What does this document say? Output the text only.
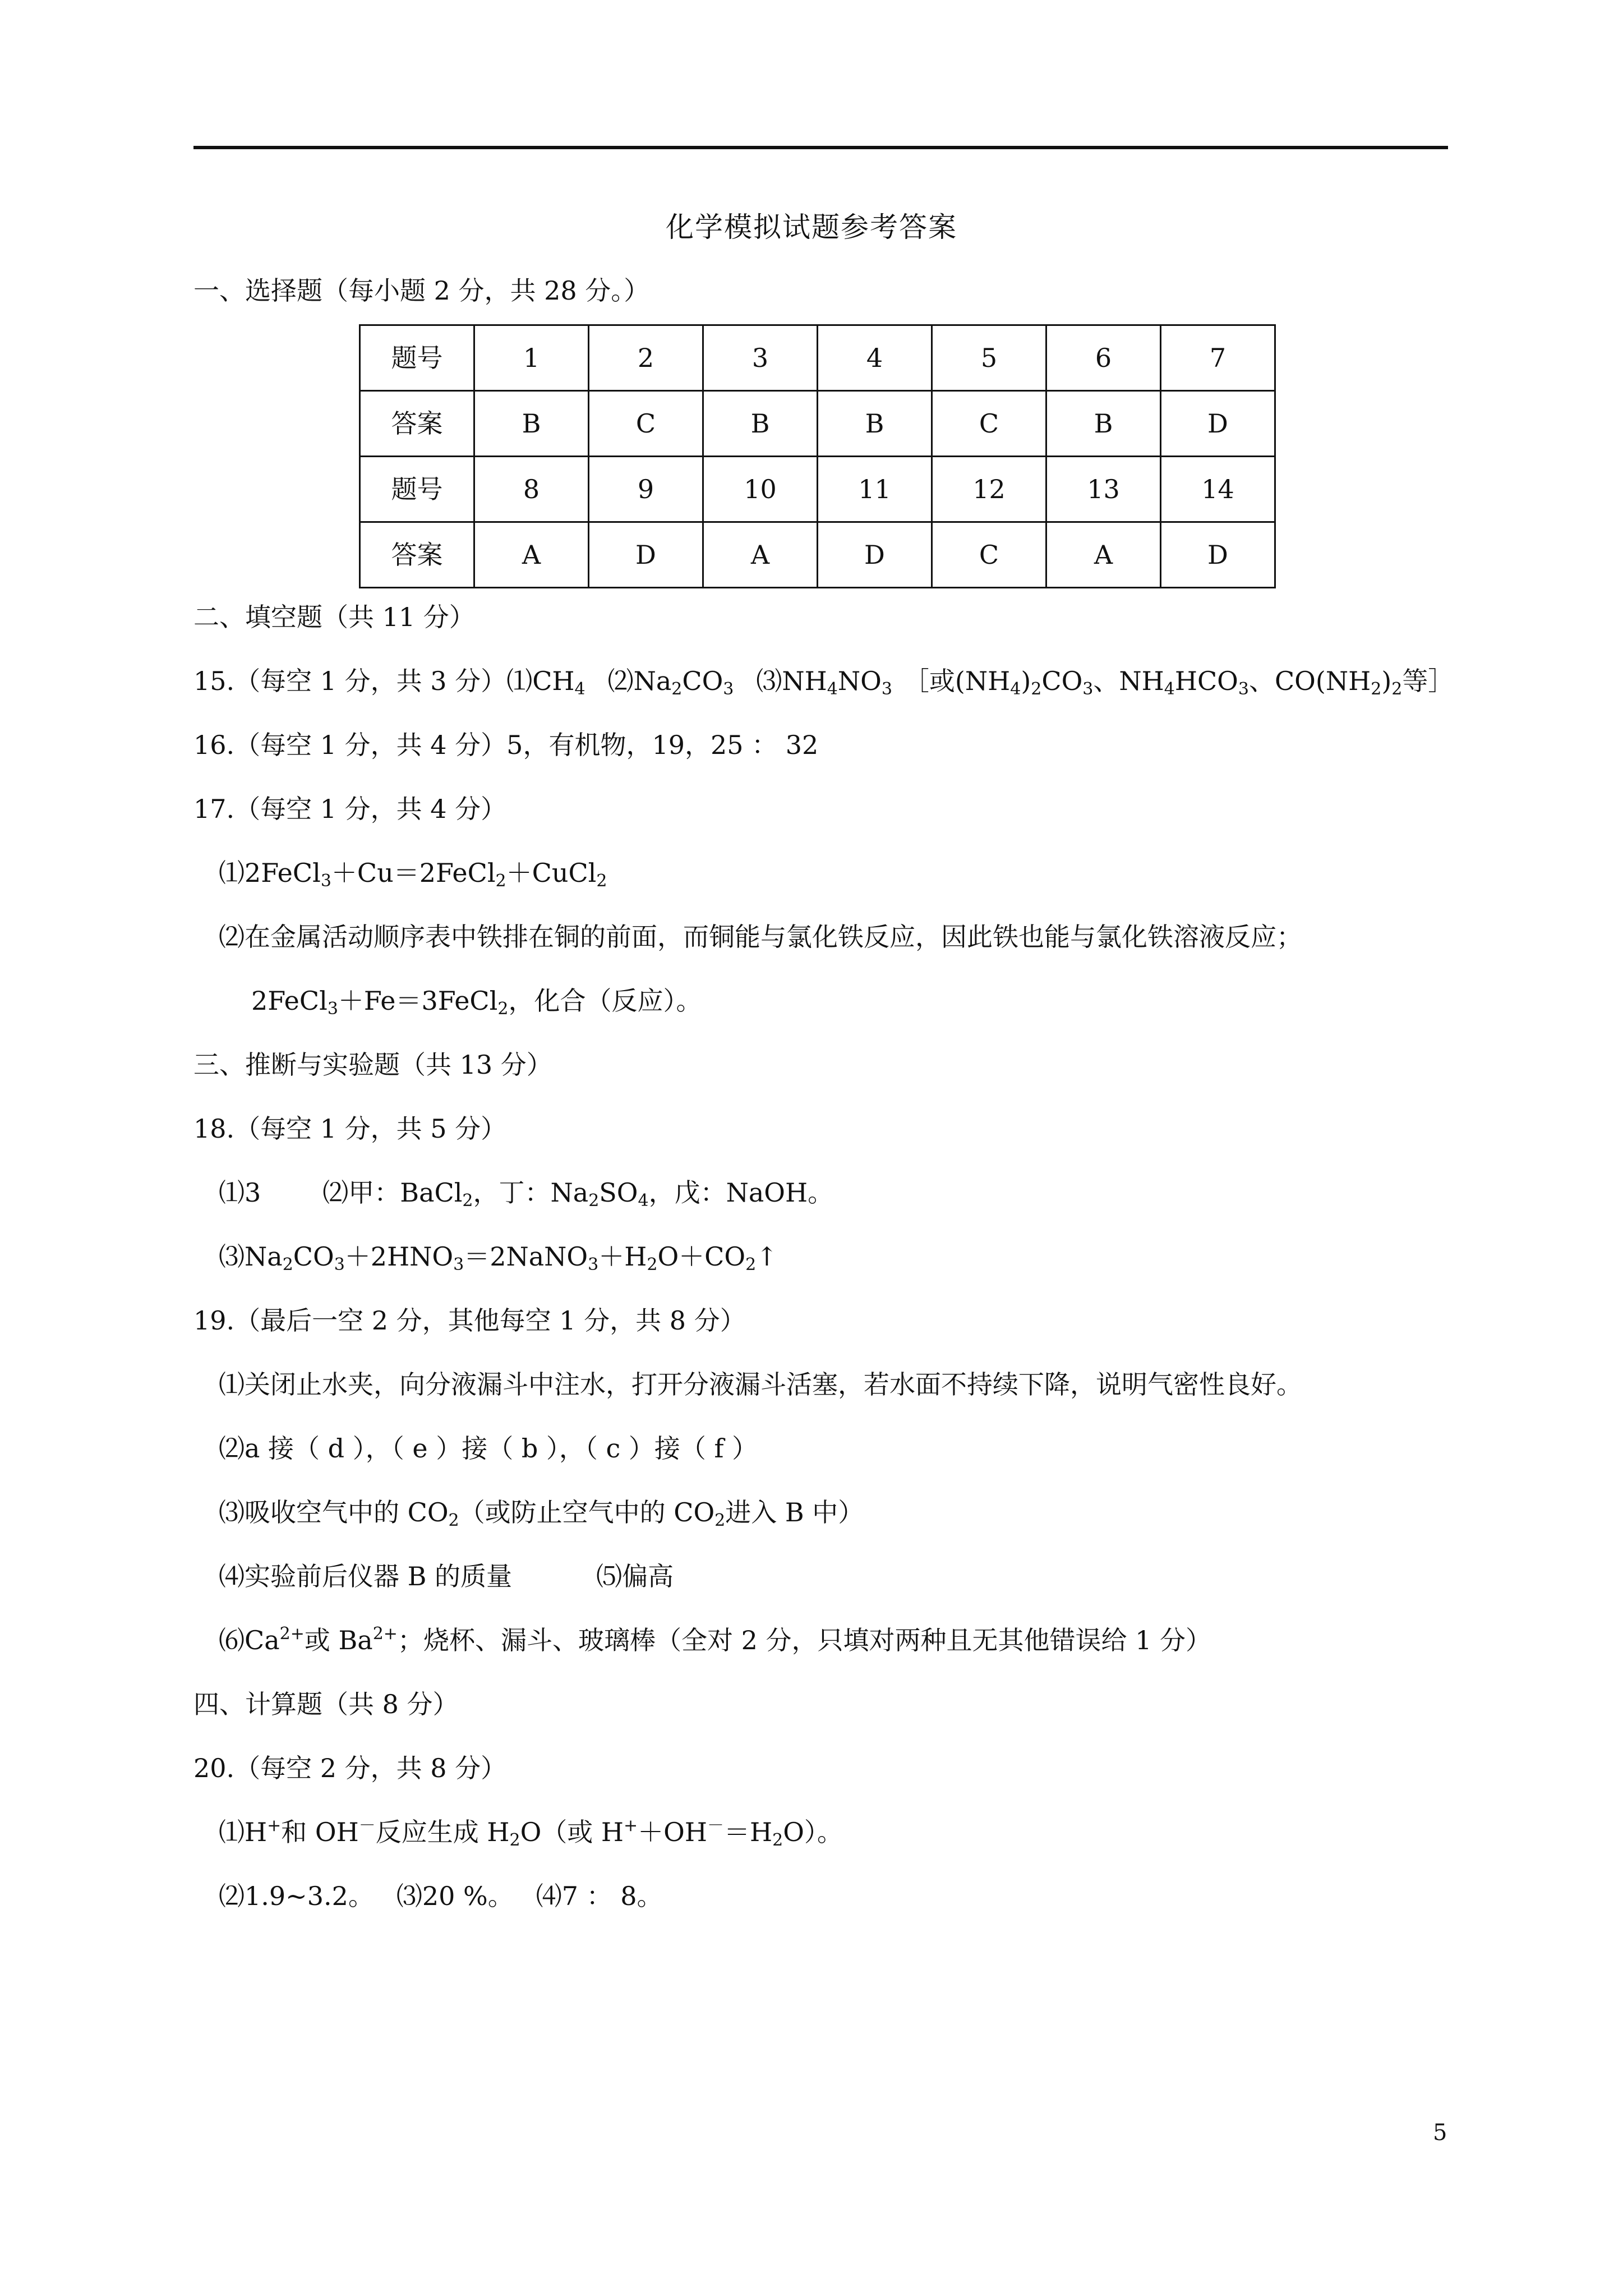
化学模拟试题参考答案
一、选择题（每小题 2 分，共 28 分。）
题号	1	2	3	4	5	6	7
答案	B	C	B	B	C	B	D
题号	8	9	10	11	12	13	14
答案	A	D	A	D	C	A	D
二、填空题（共 11 分）
15.（每空 1 分，共 3 分）$⑴CH_4$ $⑵Na_2CO_3$ $⑶NH_4NO_3$ ［或$(NH_4)_2CO_3$、$NH_4HCO_3$、$CO(NH_2)_2$等］
16.（每空 1 分，共 4 分）5，有机物，19，25 ： 32
17.（每空 1 分，共 4 分）
⑴2FeCl$_3$＋Cu＝2FeCl$_2$＋CuCl$_2$
⑵在金属活动顺序表中铁排在铜的前面，而铜能与氯化铁反应，因此铁也能与氯化铁溶液反应；
2FeCl$_3$＋Fe＝3FeCl$_2$，化合（反应）。
三、推断与实验题（共 13 分）
18.（每空 1 分，共 5 分）
⑴3 ⑵甲：BaCl$_2$，丁：$Na_2SO_4$，戊：NaOH。
$⑶Na_2CO_3+2HNO_3=2NaNO_3+H_2O+CO_2↑$
19.（最后一空 2 分，其他每空 1 分，共 8 分）
⑴关闭止水夹，向分液漏斗中注水，打开分液漏斗活塞，若水面不持续下降，说明气密性良好。
⑵a 接（ d ），（ e ）接（ b ），（ c ）接（ f ）
⑶吸收空气中的 $CO_2$（或防止空气中的 $CO_2$进入 B 中）
⑷实验前后仪器 B 的质量	⑸偏高
$⑹Ca^{2+}$或 $Ba^{2+}$；烧杯、漏斗、玻璃棒（全对 2 分，只填对两种且无其他错误给 1 分）
四、计算题（共 8 分）
20.（每空 2 分，共 8 分）
⑴H+和 OH－反应生成 $H_2O$（或 $H^++OH^-=H_2O$）。
⑵1.9~3.2。 ⑶20 %。 ⑷7 ： 8。
5
